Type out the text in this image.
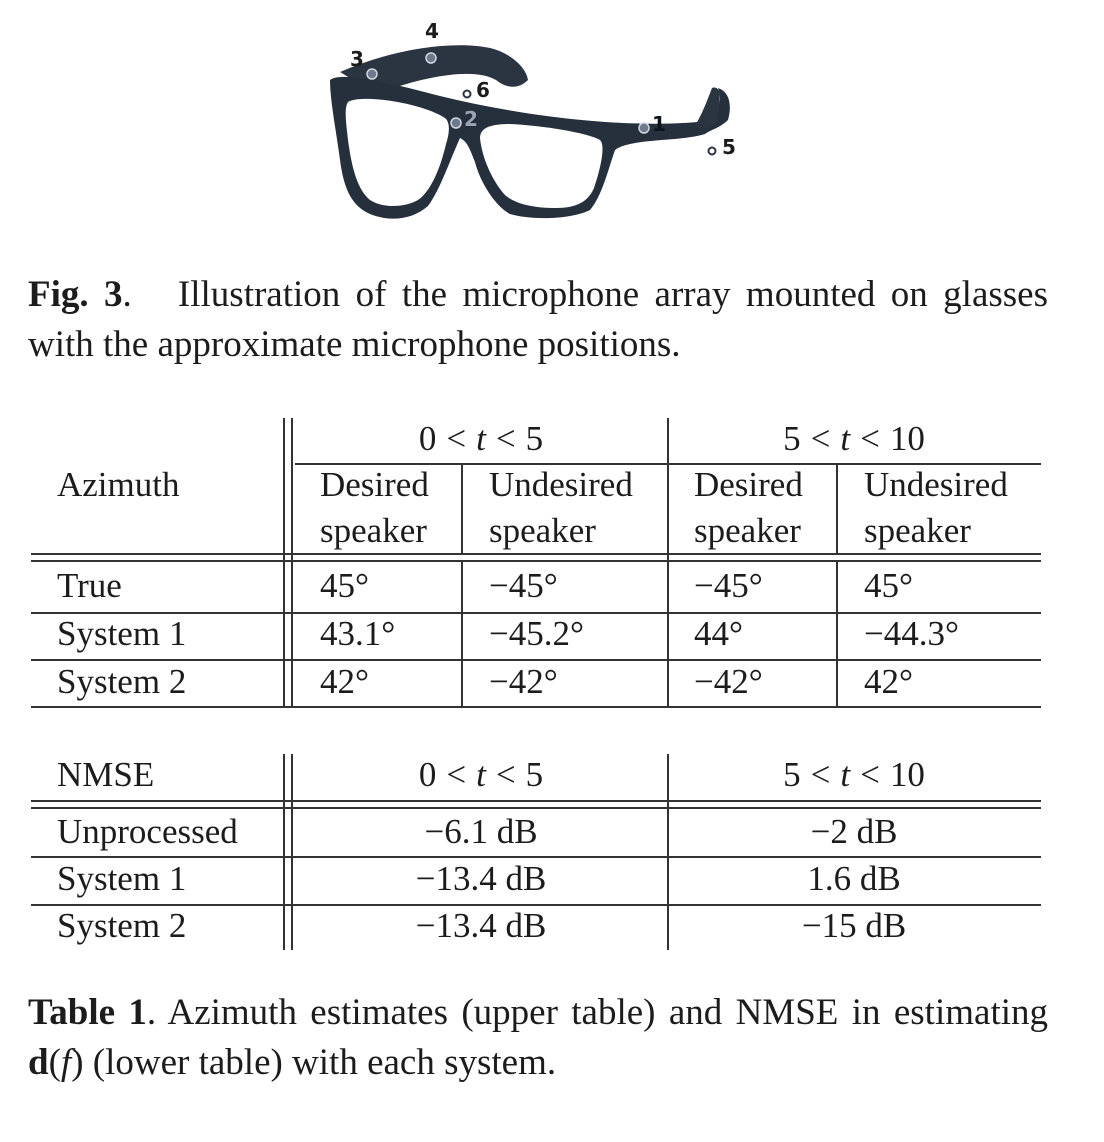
3
4
6
2	1
5
Fig. 3.   Illustration of the microphone array mounted on glasses with the approximate microphone positions.
Azimuth
0 < t < 5	5 < t < 10
Desired
speaker
Undesired
speaker
Desired
speaker
Undesired
speaker
True	45°	−45°	−45°	45°
System 1	43.1°	−45.2°	44°	−44.3°
System 2	42°	−42°	−42°	42°
NMSE	0 < t < 5	5 < t < 10
Unprocessed	−6.1 dB	−2 dB
System 1	−13.4 dB	1.6 dB
System 2	−13.4 dB	−15 dB
Table 1. Azimuth estimates (upper table) and NMSE in estimating d(f) (lower table) with each system.
